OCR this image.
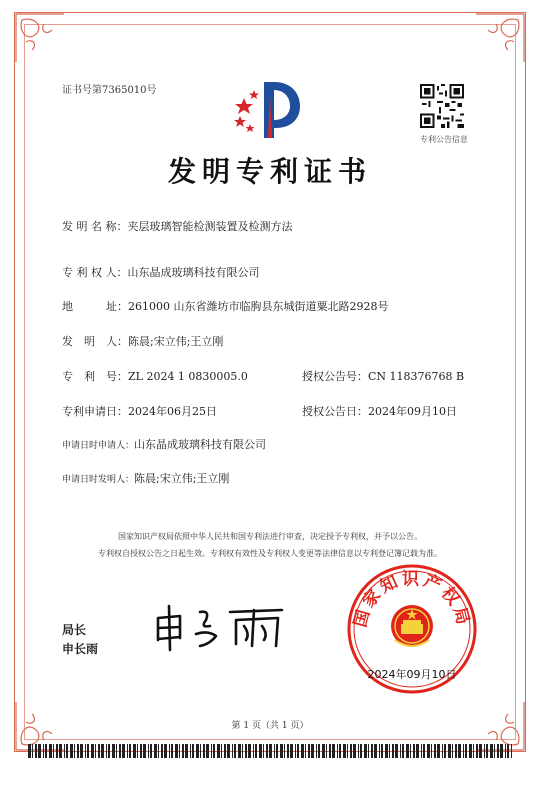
证书号第7365010号
专利公告信息
发明专利证书
发 明 名 称：夹层玻璃智能检测装置及检测方法
专 利 权 人：山东晶成玻璃科技有限公司
地　　　址：261000 山东省潍坊市临朐县东城街道粟北路2928号
发　明　人：陈晨;宋立伟;王立刚
专　利　号：ZL 2024 1 0830005.0	授权公告号：CN 118376768 B
专利申请日：2024年06月25日	授权公告日：2024年09月10日
申请日时申请人：山东晶成玻璃科技有限公司
申请日时发明人：陈晨;宋立伟;王立刚
国家知识产权局依照中华人民共和国专利法进行审查，决定授予专利权，并予以公告。
专利权自授权公告之日起生效。专利权有效性及专利权人变更等法律信息以专利登记簿记载为准。
局长
申长雨
国家知识产权局
2024年09月10日
第 1 页（共 1 页）
